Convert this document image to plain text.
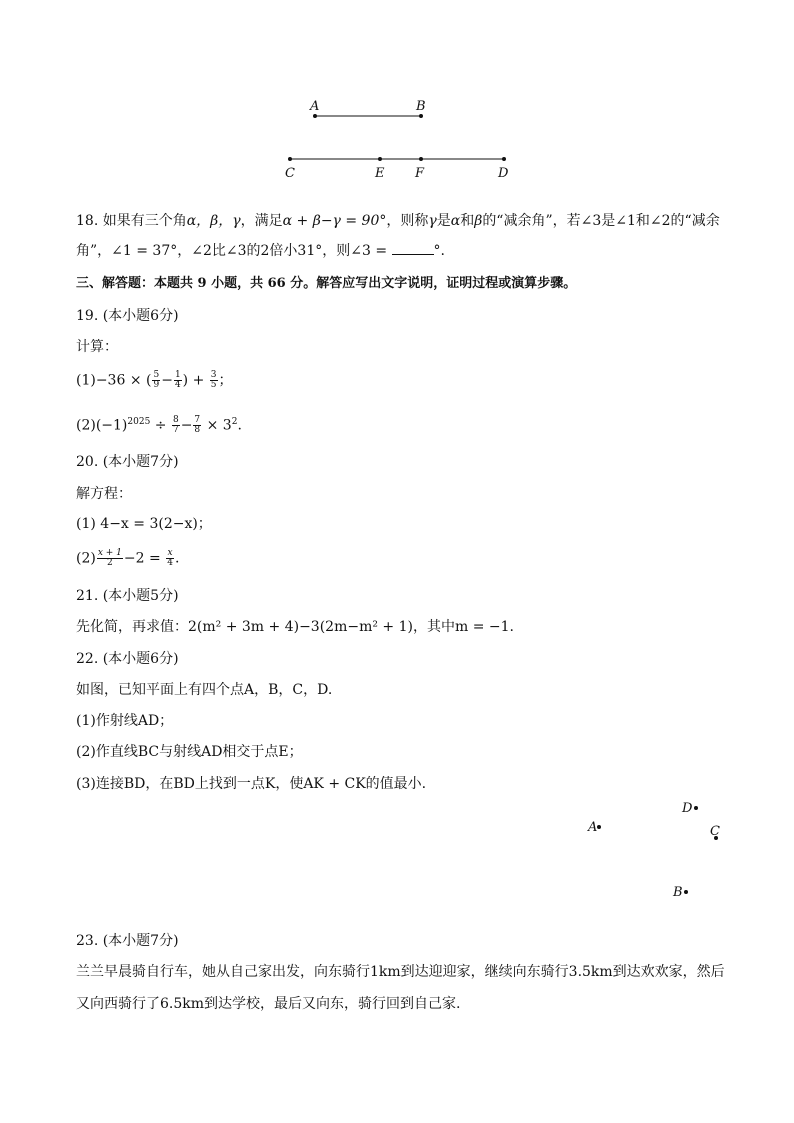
A	B
C	E F	D
18. 如果有三个角α，β，γ，满足α + β−γ = 90°，则称γ是α和β的“减余角”，若∠3是∠1和∠2的“减余
角”，∠1 = 37°，∠2比∠3的2倍小31°，则∠3 =	°.
三、解答题：本题共 9 小题，共 66 分。解答应写出文字说明，证明过程或演算步骤。
19. (本小题6分)
计算：
(1)−36 × ( $\frac{5}{9} - \frac{1}{4}$ ) + $\frac{3}{5}$ ；
$(2)(-1)^{2025} \div \frac{8}{7} - \frac{7}{8} \times 3^2$.
20. (本小题7分)
解方程：
(1) 4−x = 3(2−x)；
$(2) \frac{x + 1}{2} -2 = \frac{x}{4}$ .
21. (本小题5分)
先化简，再求值：2(m² + 3m + 4)−3(2m−m² + 1)，其中m = −1.
22. (本小题6分)
如图，已知平面上有四个点A，B，C，D.
(1)作射线AD；
(2)作直线BC与射线AD相交于点E；
(3)连接BD，在BD上找到一点K，使AK + CK的值最小.
D
A	C
B
23. (本小题7分)
兰兰早晨骑自行车，她从自己家出发，向东骑行1km到达迎迎家，继续向东骑行3.5km到达欢欢家，然后
又向西骑行了6.5km到达学校，最后又向东，骑行回到自己家.
